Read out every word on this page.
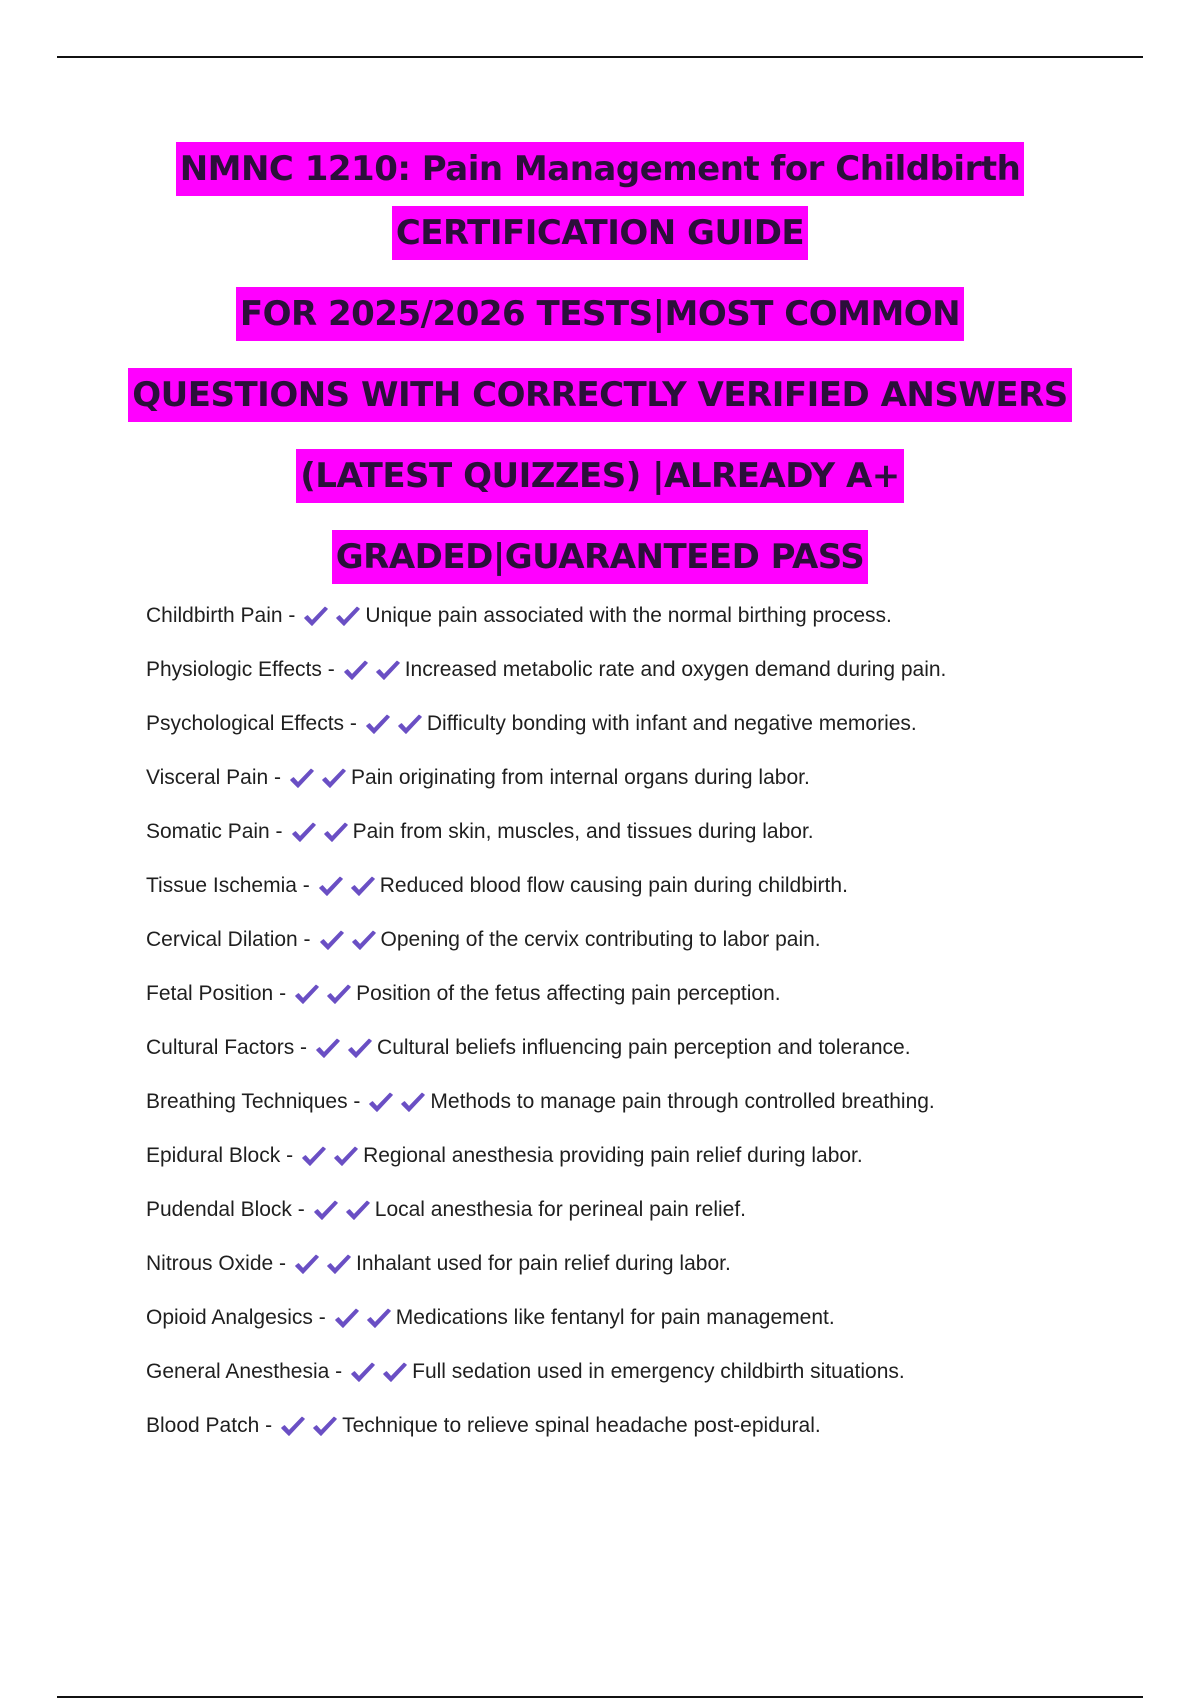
NMNC 1210: Pain Management for Childbirth
CERTIFICATION GUIDE
FOR 2025/2026 TESTS|MOST COMMON
QUESTIONS WITH CORRECTLY VERIFIED ANSWERS
(LATEST QUIZZES) |ALREADY A+
GRADED|GUARANTEED PASS
Childbirth Pain -	Unique pain associated with the normal birthing process.
Physiologic Effects -	Increased metabolic rate and oxygen demand during pain.
Psychological Effects -	Difficulty bonding with infant and negative memories.
Visceral Pain -	Pain originating from internal organs during labor.
Somatic Pain -	Pain from skin, muscles, and tissues during labor.
Tissue Ischemia -	Reduced blood flow causing pain during childbirth.
Cervical Dilation -	Opening of the cervix contributing to labor pain.
Fetal Position -	Position of the fetus affecting pain perception.
Cultural Factors -	Cultural beliefs influencing pain perception and tolerance.
Breathing Techniques -	Methods to manage pain through controlled breathing.
Epidural Block -	Regional anesthesia providing pain relief during labor.
Pudendal Block -	Local anesthesia for perineal pain relief.
Nitrous Oxide -	Inhalant used for pain relief during labor.
Opioid Analgesics -	Medications like fentanyl for pain management.
General Anesthesia -	Full sedation used in emergency childbirth situations.
Blood Patch -	Technique to relieve spinal headache post-epidural.
